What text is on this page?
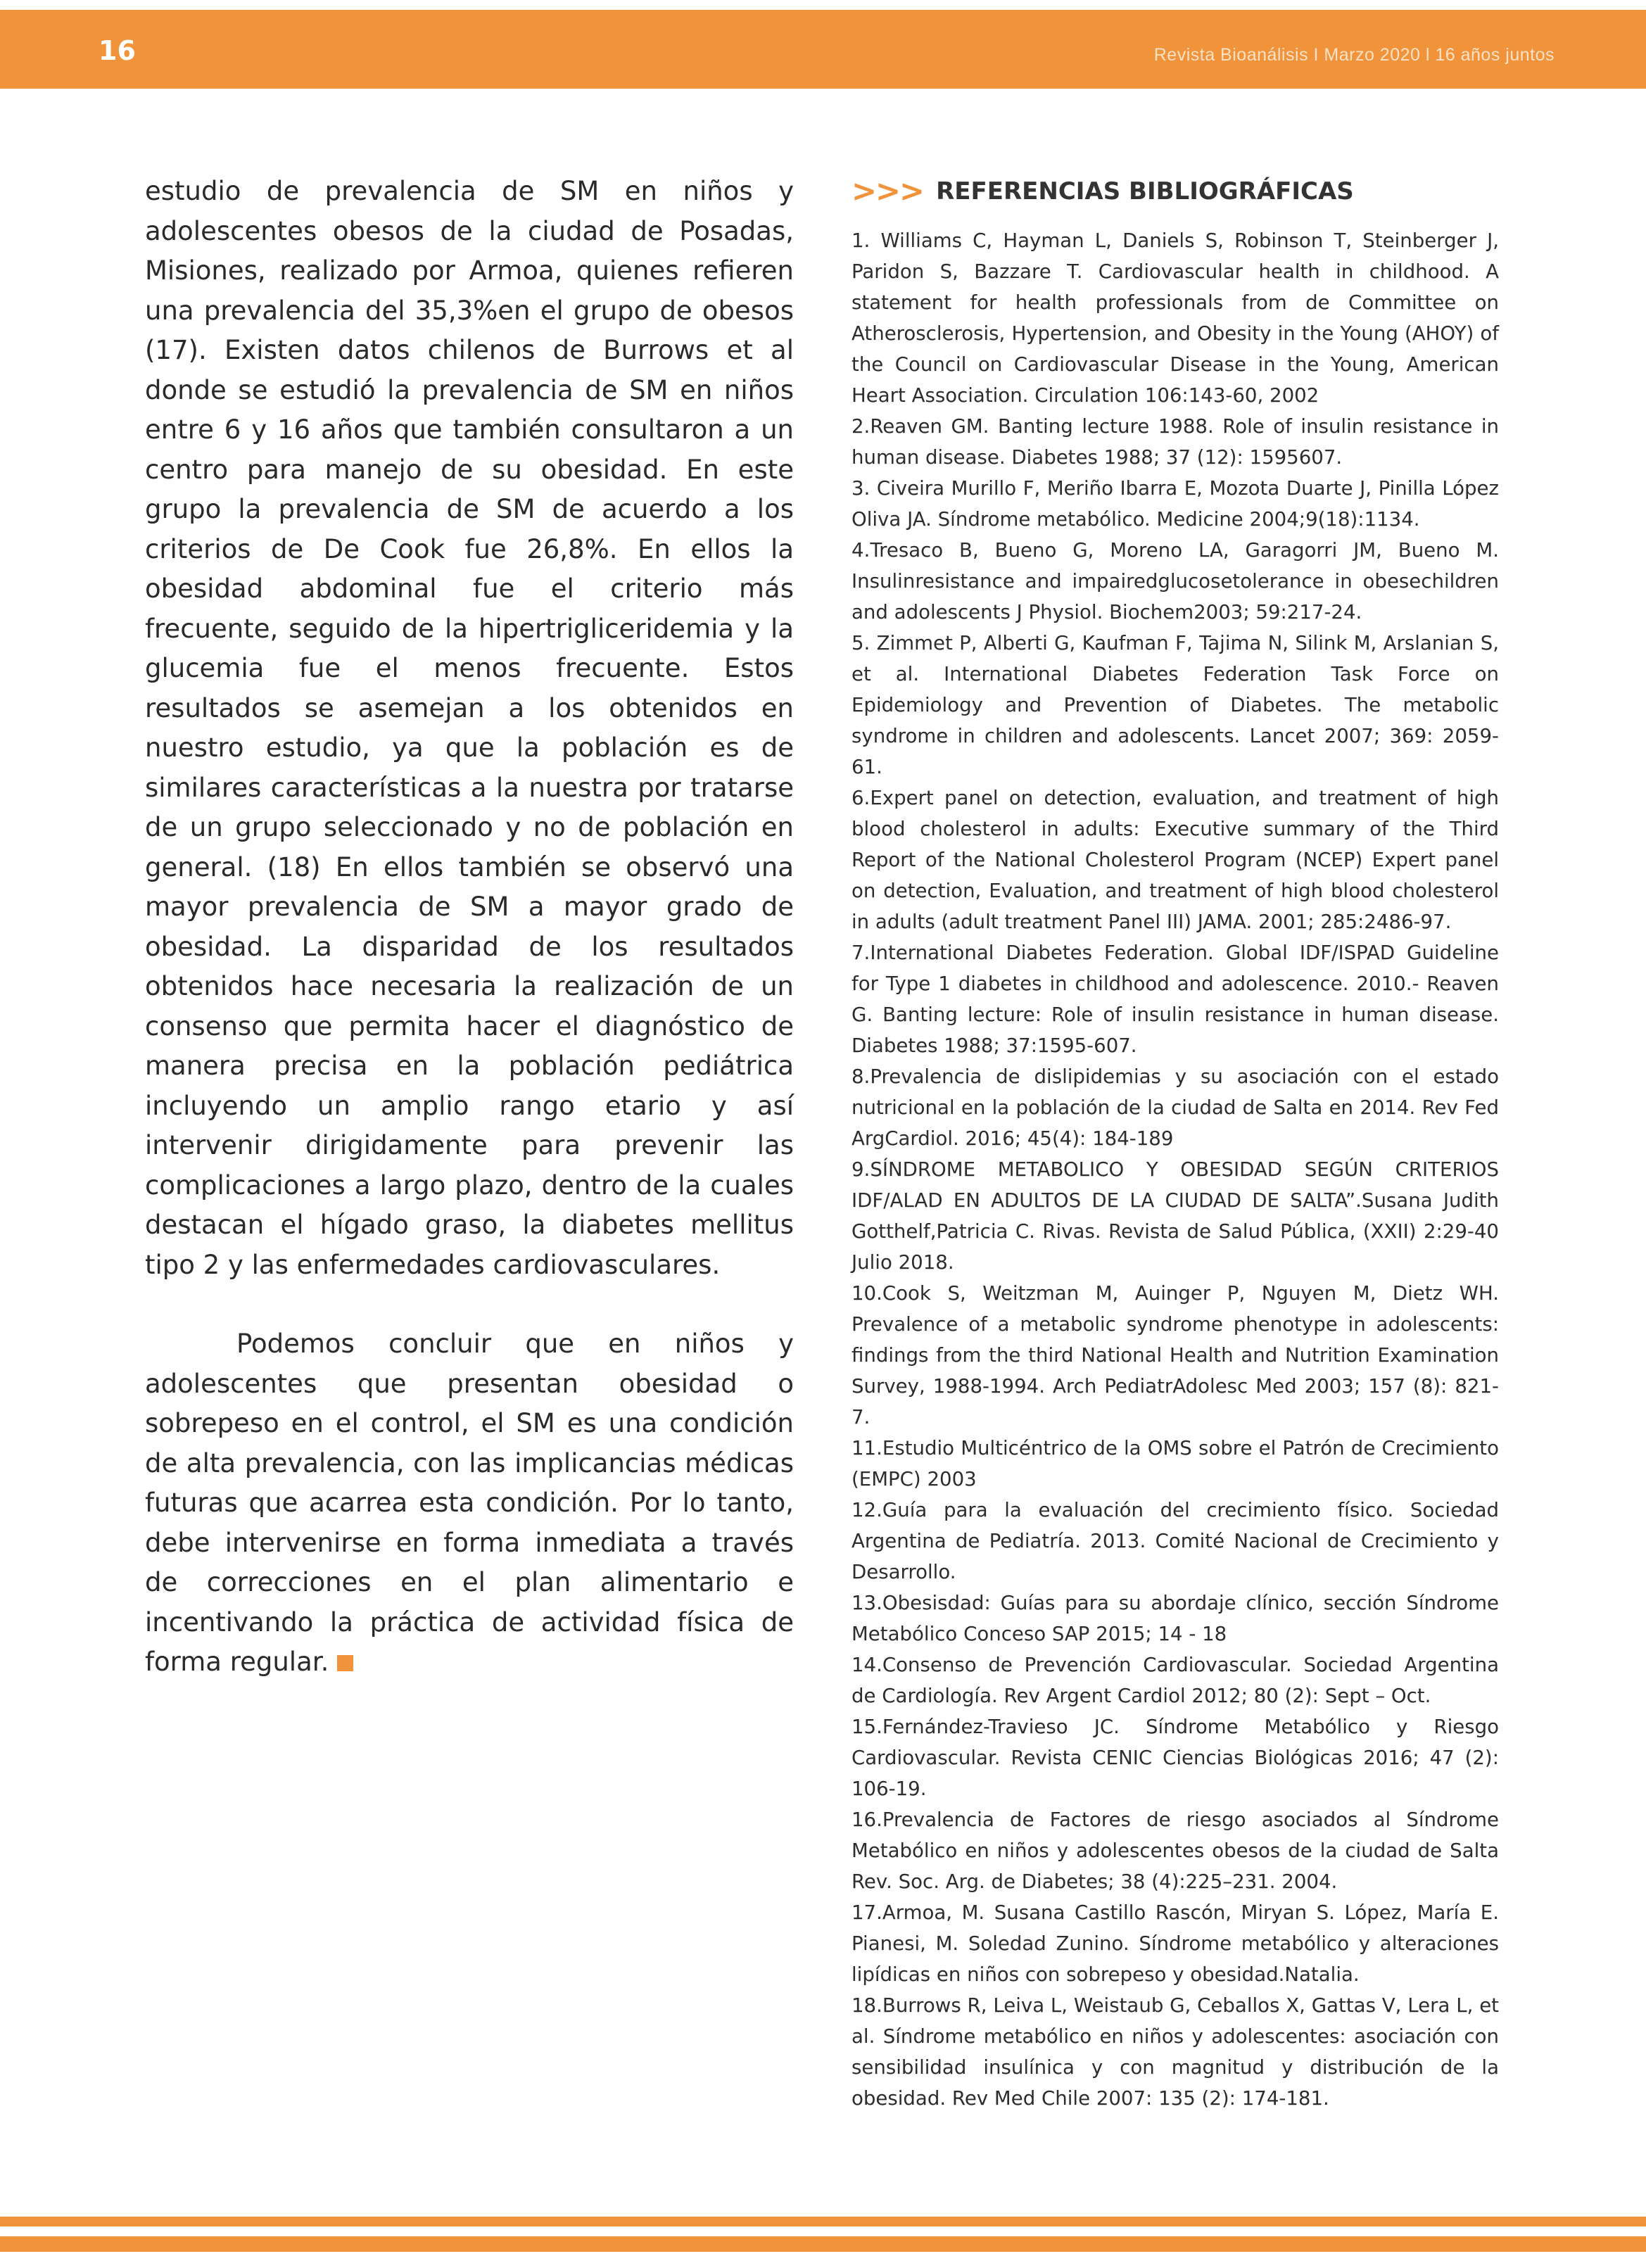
16	Revista Bioanálisis I Marzo 2020 l 16 años juntos

estudio de prevalencia de SM en niños y adolescentes obesos de la ciudad de Posadas, Misiones, realizado por Armoa, quienes refieren una prevalencia del 35,3%en el grupo de obesos (17). Existen datos chilenos de Burrows et al donde se estudió la prevalencia de SM en niños entre 6 y 16 años que también consultaron a un centro para manejo de su obesidad. En este grupo la prevalencia de SM de acuerdo a los criterios de De Cook fue 26,8%. En ellos la obesidad abdominal fue el criterio más frecuente, seguido de la hipertrigliceridemia y la glucemia fue el menos frecuente. Estos resultados se asemejan a los obtenidos en nuestro estudio, ya que la población es de similares características a la nuestra por tratarse de un grupo seleccionado y no de población en general. (18) En ellos también se observó una mayor prevalencia de SM a mayor grado de obesidad. La disparidad de los resultados obtenidos hace necesaria la realización de un consenso que permita hacer el diagnóstico de manera precisa en la población pediátrica incluyendo un amplio rango etario y así intervenir dirigidamente para prevenir las complicaciones a largo plazo, dentro de la cuales destacan el hígado graso, la diabetes mellitus tipo 2 y las enfermedades cardiovasculares.

Podemos concluir que en niños y adolescentes que presentan obesidad o sobrepeso en el control, el SM es una condición de alta prevalencia, con las implicancias médicas futuras que acarrea esta condición. Por lo tanto, debe intervenirse en forma inmediata a través de correcciones en el plan alimentario e incentivando la práctica de actividad física de forma regular.

>>> REFERENCIAS BIBLIOGRÁFICAS

1. Williams C, Hayman L, Daniels S, Robinson T, Steinberger J, Paridon S, Bazzare T. Cardiovascular health in childhood. A statement for health professionals from de Committee on Atherosclerosis, Hypertension, and Obesity in the Young (AHOY) of the Council on Cardiovascular Disease in the Young, American Heart Association. Circulation 106:143-60, 2002

2.Reaven GM. Banting lecture 1988. Role of insulin resistance in human disease. Diabetes 1988; 37 (12): 1595607.

3. Civeira Murillo F, Meriño Ibarra E, Mozota Duarte J, Pinilla López Oliva JA. Síndrome metabólico. Medicine 2004;9(18):1134.

4.Tresaco B, Bueno G, Moreno LA, Garagorri JM, Bueno M. Insulinresistance and impairedglucosetolerance in obesechildren and adolescents J Physiol. Biochem2003; 59:217-24.

5. Zimmet P, Alberti G, Kaufman F, Tajima N, Silink M, Arslanian S, et al. International Diabetes Federation Task Force on Epidemiology and Prevention of Diabetes. The metabolic syndrome in children and adolescents. Lancet 2007; 369: 2059-61.

6.Expert panel on detection, evaluation, and treatment of high blood cholesterol in adults: Executive summary of the Third Report of the National Cholesterol Program (NCEP) Expert panel on detection, Evaluation, and treatment of high blood cholesterol in adults (adult treatment Panel III) JAMA. 2001; 285:2486-97.

7.International Diabetes Federation. Global IDF/ISPAD Guideline for Type 1 diabetes in childhood and adolescence. 2010.- Reaven G. Banting lecture: Role of insulin resistance in human disease. Diabetes 1988; 37:1595-607.

8.Prevalencia de dislipidemias y su asociación con el estado nutricional en la población de la ciudad de Salta en 2014. Rev Fed ArgCardiol. 2016; 45(4): 184-189

9.SÍNDROME METABOLICO Y OBESIDAD SEGÚN CRITERIOS IDF/ALAD EN ADULTOS DE LA CIUDAD DE SALTA”.Susana Judith Gotthelf,Patricia C. Rivas. Revista de Salud Pública, (XXII) 2:29-40 Julio 2018.

10.Cook S, Weitzman M, Auinger P, Nguyen M, Dietz WH. Prevalence of a metabolic syndrome phenotype in adolescents: findings from the third National Health and Nutrition Examination Survey, 1988-1994. Arch PediatrAdolesc Med 2003; 157 (8): 821-7.

11.Estudio Multicéntrico de la OMS sobre el Patrón de Crecimiento (EMPC) 2003

12.Guía para la evaluación del crecimiento físico. Sociedad Argentina de Pediatría. 2013. Comité Nacional de Crecimiento y Desarrollo.

13.Obesisdad: Guías para su abordaje clínico, sección Síndrome Metabólico Conceso SAP 2015; 14 - 18

14.Consenso de Prevención Cardiovascular. Sociedad Argentina de Cardiología. Rev Argent Cardiol 2012; 80 (2): Sept – Oct.

15.Fernández-Travieso JC. Síndrome Metabólico y Riesgo Cardiovascular. Revista CENIC Ciencias Biológicas 2016; 47 (2): 106-19.

16.Prevalencia de Factores de riesgo asociados al Síndrome Metabólico en niños y adolescentes obesos de la ciudad de Salta Rev. Soc. Arg. de Diabetes; 38 (4):225–231. 2004.

17.Armoa, M. Susana Castillo Rascón, Miryan S. López, María E. Pianesi, M. Soledad Zunino. Síndrome metabólico y alteraciones lipídicas en niños con sobrepeso y obesidad.Natalia.

18.Burrows R, Leiva L, Weistaub G, Ceballos X, Gattas V, Lera L, et al. Síndrome metabólico en niños y adolescentes: asociación con sensibilidad insulínica y con magnitud y distribución de la obesidad. Rev Med Chile 2007: 135 (2): 174-181.
